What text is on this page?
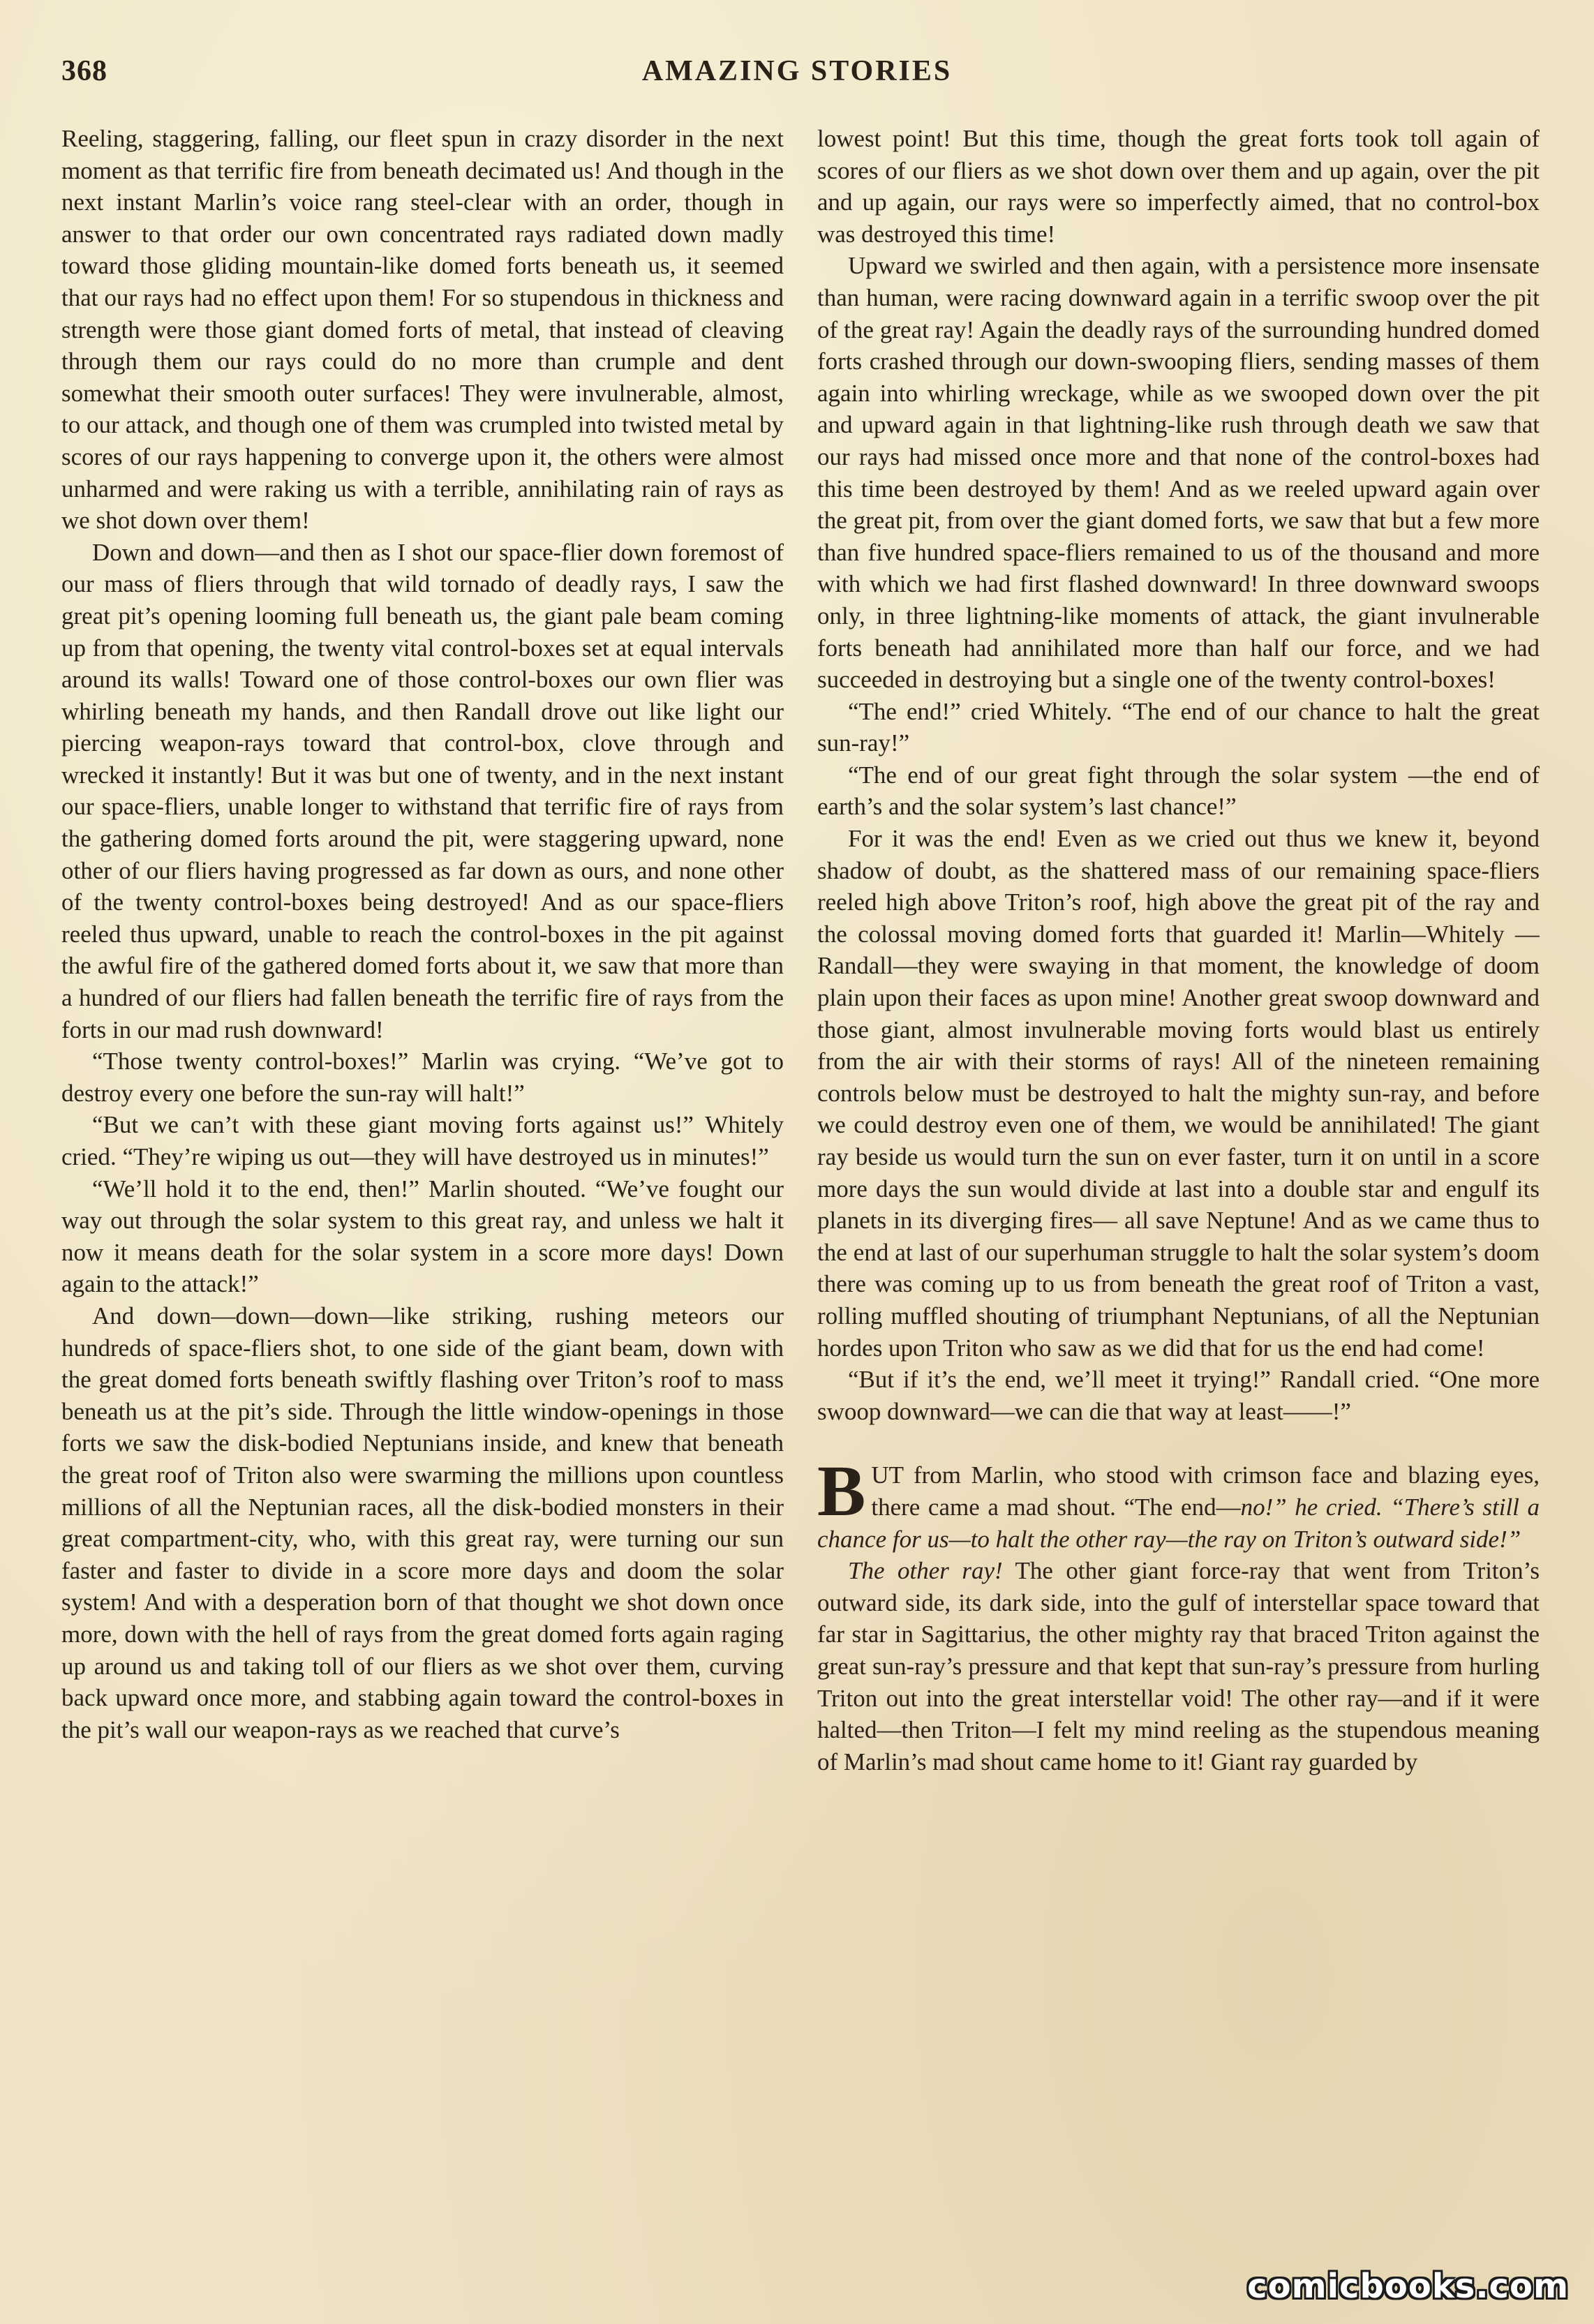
368	AMAZING STORIES

Reeling, staggering, falling, our fleet spun in crazy disorder in the next moment as that terrific fire from beneath decimated us! And though in the next instant Marlin’s voice rang steel-clear with an order, though in answer to that order our own concentrated rays radiated down madly toward those gliding mountain-like domed forts beneath us, it seemed that our rays had no effect upon them! For so stupendous in thickness and strength were those giant domed forts of metal, that instead of cleaving through them our rays could do no more than crumple and dent somewhat their smooth outer surfaces! They were invulnerable, almost, to our attack, and though one of them was crumpled into twisted metal by scores of our rays happening to converge upon it, the others were almost unharmed and were raking us with a terrible, annihilating rain of rays as we shot down over them!

Down and down—and then as I shot our space-flier down foremost of our mass of fliers through that wild tornado of deadly rays, I saw the great pit’s opening looming full beneath us, the giant pale beam coming up from that opening, the twenty vital control-boxes set at equal intervals around its walls! Toward one of those control-boxes our own flier was whirling beneath my hands, and then Randall drove out like light our piercing weapon-rays toward that control-box, clove through and wrecked it instantly! But it was but one of twenty, and in the next instant our space-fliers, unable longer to withstand that terrific fire of rays from the gathering domed forts around the pit, were staggering upward, none other of our fliers having progressed as far down as ours, and none other of the twenty control-boxes being destroyed! And as our space-fliers reeled thus upward, unable to reach the control-boxes in the pit against the awful fire of the gathered domed forts about it, we saw that more than a hundred of our fliers had fallen beneath the terrific fire of rays from the forts in our mad rush downward!

“Those twenty control-boxes!” Marlin was crying. “We’ve got to destroy every one before the sun-ray will halt!”

“But we can’t with these giant moving forts against us!” Whitely cried. “They’re wiping us out—they will have destroyed us in minutes!”

“We’ll hold it to the end, then!” Marlin shouted. “We’ve fought our way out through the solar system to this great ray, and unless we halt it now it means death for the solar system in a score more days! Down again to the attack!”

And down—down—down—like striking, rushing meteors our hundreds of space-fliers shot, to one side of the giant beam, down with the great domed forts beneath swiftly flashing over Triton’s roof to mass beneath us at the pit’s side. Through the little window-openings in those forts we saw the disk-bodied Neptunians inside, and knew that beneath the great roof of Triton also were swarming the millions upon countless millions of all the Neptunian races, all the disk-bodied monsters in their great compartment-city, who, with this great ray, were turning our sun faster and faster to divide in a score more days and doom the solar system! And with a desperation born of that thought we shot down once more, down with the hell of rays from the great domed forts again raging up around us and taking toll of our fliers as we shot over them, curving back upward once more, and stabbing again toward the control-boxes in the pit’s wall our weapon-rays as we reached that curve’s

lowest point! But this time, though the great forts took toll again of scores of our fliers as we shot down over them and up again, over the pit and up again, our rays were so imperfectly aimed, that no control-box was destroyed this time!

Upward we swirled and then again, with a persistence more insensate than human, were racing downward again in a terrific swoop over the pit of the great ray! Again the deadly rays of the surrounding hundred domed forts crashed through our down-swooping fliers, sending masses of them again into whirling wreckage, while as we swooped down over the pit and upward again in that lightning-like rush through death we saw that our rays had missed once more and that none of the control-boxes had this time been destroyed by them! And as we reeled upward again over the great pit, from over the giant domed forts, we saw that but a few more than five hundred space-fliers remained to us of the thousand and more with which we had first flashed downward! In three downward swoops only, in three lightning-like moments of attack, the giant invulnerable forts beneath had annihilated more than half our force, and we had succeeded in destroying but a single one of the twenty control-boxes!

“The end!” cried Whitely. “The end of our chance to halt the great sun-ray!”

“The end of our great fight through the solar system —the end of earth’s and the solar system’s last chance!”

For it was the end! Even as we cried out thus we knew it, beyond shadow of doubt, as the shattered mass of our remaining space-fliers reeled high above Triton’s roof, high above the great pit of the ray and the colossal moving domed forts that guarded it! Marlin—Whitely —Randall—they were swaying in that moment, the knowledge of doom plain upon their faces as upon mine! Another great swoop downward and those giant, almost invulnerable moving forts would blast us entirely from the air with their storms of rays! All of the nineteen remaining controls below must be destroyed to halt the mighty sun-ray, and before we could destroy even one of them, we would be annihilated! The giant ray beside us would turn the sun on ever faster, turn it on until in a score more days the sun would divide at last into a double star and engulf its planets in its diverging fires— all save Neptune! And as we came thus to the end at last of our superhuman struggle to halt the solar system’s doom there was coming up to us from beneath the great roof of Triton a vast, rolling muffled shouting of triumphant Neptunians, of all the Neptunian hordes upon Triton who saw as we did that for us the end had come!

“But if it’s the end, we’ll meet it trying!” Randall cried. “One more swoop downward—we can die that way at least——!”

BUT from Marlin, who stood with crimson face and blazing eyes, there came a mad shout. “The end—no!” he cried. “There’s still a chance for us—to halt the other ray—the ray on Triton’s outward side!”

The other ray! The other giant force-ray that went from Triton’s outward side, its dark side, into the gulf of interstellar space toward that far star in Sagittarius, the other mighty ray that braced Triton against the great sun-ray’s pressure and that kept that sun-ray’s pressure from hurling Triton out into the great interstellar void! The other ray—and if it were halted—then Triton—I felt my mind reeling as the stupendous meaning of Marlin’s mad shout came home to it! Giant ray guarded by

comicbooks.com
